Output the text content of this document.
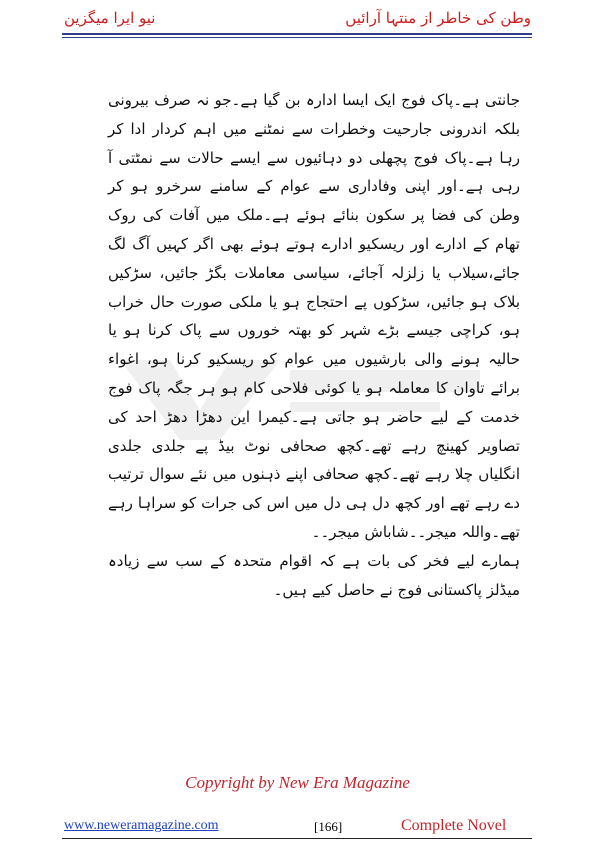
نیو ایرا میگزین	وطن کی خاطر از منتہا آرائیں

جانتی ہے۔پاک فوج ایک ایسا ادارہ بن گیا ہے۔جو نہ صرف بیرونی بلکہ اندرونی جارحیت وخطرات سے نمٹنے میں اہم کردار ادا کر رہا ہے۔پاک فوج پچھلی دو دہائیوں سے ایسے حالات سے نمٹتی آ رہی ہے۔اور اپنی وفاداری سے عوام کے سامنے سرخرو ہو کر وطن کی فضا پر سکون بنائے ہوئے ہے۔ملک میں آفات کی روک تھام کے ادارے اور ریسکیو ادارے ہوتے ہوئے بھی اگر کہیں آگ لگ جائے،سیلاب یا زلزلہ آجائے، سیاسی معاملات بگڑ جائیں، سڑکیں بلاک ہو جائیں، سڑکوں پے احتجاج ہو یا ملکی صورت حال خراب ہو، کراچی جیسے بڑے شہر کو بھتہ خوروں سے پاک کرنا ہو یا حالیہ ہونے والی بارشیوں میں عوام کو ریسکیو کرنا ہو، اغواء برائے تاوان کا معاملہ ہو یا کوئی فلاحی کام ہو ہر جگہ پاک فوج خدمت کے لیے حاضر ہو جاتی ہے۔کیمرا این دھڑا دھڑ احد کی تصاویر کھینچ رہے تھے۔کچھ صحافی نوٹ بیڈ پے جلدی جلدی انگلیاں چلا رہے تھے۔کچھ صحافی اپنے ذہنوں میں نئے سوال ترتیب دے رہے تھے اور کچھ دل ہی دل میں اس کی جرات کو سراہا رہے تھے۔واللہ میجر۔۔شاباش میجر۔۔

ہمارے لیے فخر کی بات ہے کہ اقوام متحدہ کے سب سے زیادہ میڈلز پاکستانی فوج نے حاصل کیے ہیں۔

Copyright by New Era Magazine
www.neweramagazine.com	[166]	Complete Novel
